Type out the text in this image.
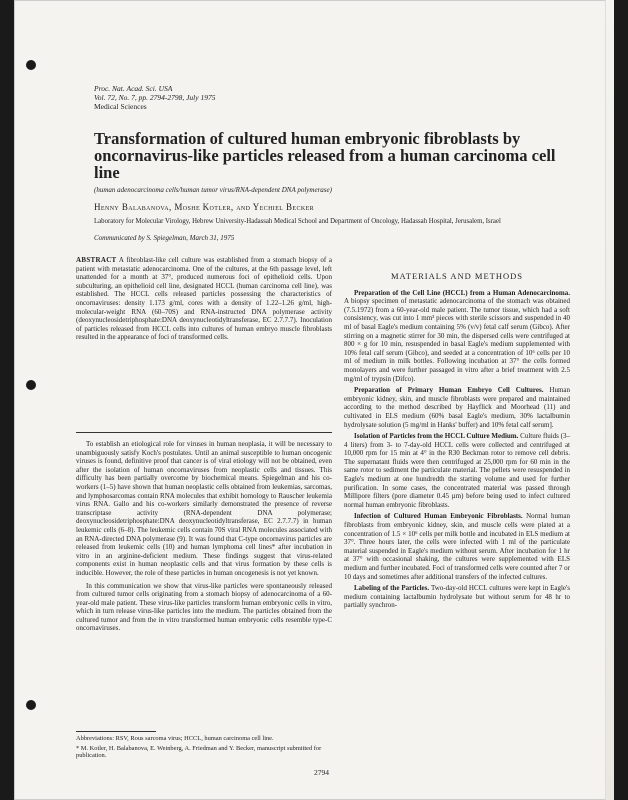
Proc. Nat. Acad. Sci. USA
Vol. 72, No. 7, pp. 2794-2798, July 1975
Medical Sciences
Transformation of cultured human embryonic fibroblasts by oncornavirus-like particles released from a human carcinoma cell line
(human adenocarcinoma cells/human tumor virus/RNA-dependent DNA polymerase)
Henny Balabanova, Moshe Kotler, and Yechiel Becker
Laboratory for Molecular Virology, Hebrew University-Hadassah Medical School and Department of Oncology, Hadassah Hospital, Jerusalem, Israel
Communicated by S. Spiegelman, March 31, 1975
ABSTRACT A fibroblast-like cell culture was established from a stomach biopsy of a patient with metastatic adenocarcinoma. One of the cultures, at the 6th passage level, left unattended for a month at 37°, produced numerous foci of epithelioid cells. Upon subculturing, an epithelioid cell line, designated HCCL (human carcinoma cell line), was established. The HCCL cells released particles possessing the characteristics of oncornaviruses: density 1.173 g/ml, cores with a density of 1.22–1.26 g/ml, high-molecular-weight RNA (60–70S) and RNA-instructed DNA polymerase activity (deoxynucleosidetriphosphate:DNA deoxynucleotidyltransferase, EC 2.7.7.7). Inoculation of particles released from HCCL cells into cultures of human embryo muscle fibroblasts resulted in the appearance of foci of transformed cells.

To establish an etiological role for viruses in human neoplasia, it will be necessary to unambiguously satisfy Koch's postulates. Until an animal susceptible to human oncogenic viruses is found, definitive proof that cancer is of viral etiology will not be obtained, even after the isolation of human oncornaviruses from neoplastic cells and tissues. This difficulty has been partially overcome by biochemical means. Spiegelman and his co-workers (1–5) have shown that human neoplastic cells obtained from leukemias, sarcomas, and lymphosarcomas contain RNA molecules that exhibit homology to Rauscher leukemia virus RNA. Gallo and his co-workers similarly demonstrated the presence of reverse transcriptase activity (RNA-dependent DNA polymerase; deoxynucleosidetriphosphate:DNA deoxynucleotidyltransferase, EC 2.7.7.7) in human leukemic cells (6–8). The leukemic cells contain 70S viral RNA molecules associated with an RNA-directed DNA polymerase (9). It was found that C-type oncornavirus particles are released from leukemic cells (10) and human lymphoma cell lines* after incubation in vitro in an arginine-deficient medium. These findings suggest that virus-related components exist in human neoplastic cells and that virus formation by these cells is inducible. However, the role of these particles in human oncogenesis is not yet known.

In this communication we show that virus-like particles were spontaneously released from cultured tumor cells originating from a stomach biopsy of adenocarcinoma of a 60-year-old male patient. These virus-like particles transform human embryonic cells in vitro, which in turn release virus-like particles into the medium. The particles obtained from the cultured tumor and from the in vitro transformed human embryonic cells resemble type-C oncornaviruses.

Abbreviations: RSV, Rous sarcoma virus; HCCL, human carcinoma cell line.

* M. Kotler, H. Balabanova, E. Weinberg, A. Friedman and Y. Becker, manuscript submitted for publication.

2794
MATERIALS AND METHODS

Preparation of the Cell Line (HCCL) from a Human Adenocarcinoma. A biopsy specimen of metastatic adenocarcinoma of the stomach was obtained (7.5.1972) from a 60-year-old male patient. The tumor tissue, which had a soft consistency, was cut into 1 mm³ pieces with sterile scissors and suspended in 40 ml of basal Eagle's medium containing 5% (v/v) fetal calf serum (Gibco). After stirring on a magnetic stirrer for 30 min, the dispersed cells were centrifuged at 800 × g for 10 min, resuspended in basal Eagle's medium supplemented with 10% fetal calf serum (Gibco), and seeded at a concentration of 10⁶ cells per 10 ml of medium in milk bottles. Following incubation at 37° the cells formed monolayers and were further passaged in vitro after a brief treatment with 2.5 mg/ml of trypsin (Difco).

Preparation of Primary Human Embryo Cell Cultures. Human embryonic kidney, skin, and muscle fibroblasts were prepared and maintained according to the method described by Hayflick and Moorhead (11) and cultivated in ELS medium (60% basal Eagle's medium, 30% lactalbumin hydrolysate solution (5 mg/ml in Hanks' buffer) and 10% fetal calf serum].

Isolation of Particles from the HCCL Culture Medium. Culture fluids (3–4 liters) from 3- to 7-day-old HCCL cells were collected and centrifuged at 10,000 rpm for 15 min at 4° in the R30 Beckman rotor to remove cell debris. The supernatant fluids were then centrifuged at 25,000 rpm for 60 min in the same rotor to sediment the particulate material. The pellets were resuspended in Eagle's medium at one hundredth the starting volume and used for further purification. In some cases, the concentrated material was passed through Millipore filters (pore diameter 0.45 µm) before being used to infect cultured normal human embryonic fibroblasts.

Infection of Cultured Human Embryonic Fibroblasts. Normal human fibroblasts from embryonic kidney, skin, and muscle cells were plated at a concentration of 1.5 × 10⁶ cells per milk bottle and incubated in ELS medium at 37°. Three hours later, the cells were infected with 1 ml of the particulate material suspended in Eagle's medium without serum. After incubation for 1 hr at 37° with occasional shaking, the cultures were supplemented with ELS medium and further incubated. Foci of transformed cells were counted after 7 or 10 days and sometimes after additional transfers of the infected cultures.

Labeling of the Particles. Two-day-old HCCL cultures were kept in Eagle's medium containing lactalbumin hydrolysate but without serum for 48 hr to partially synchron-
